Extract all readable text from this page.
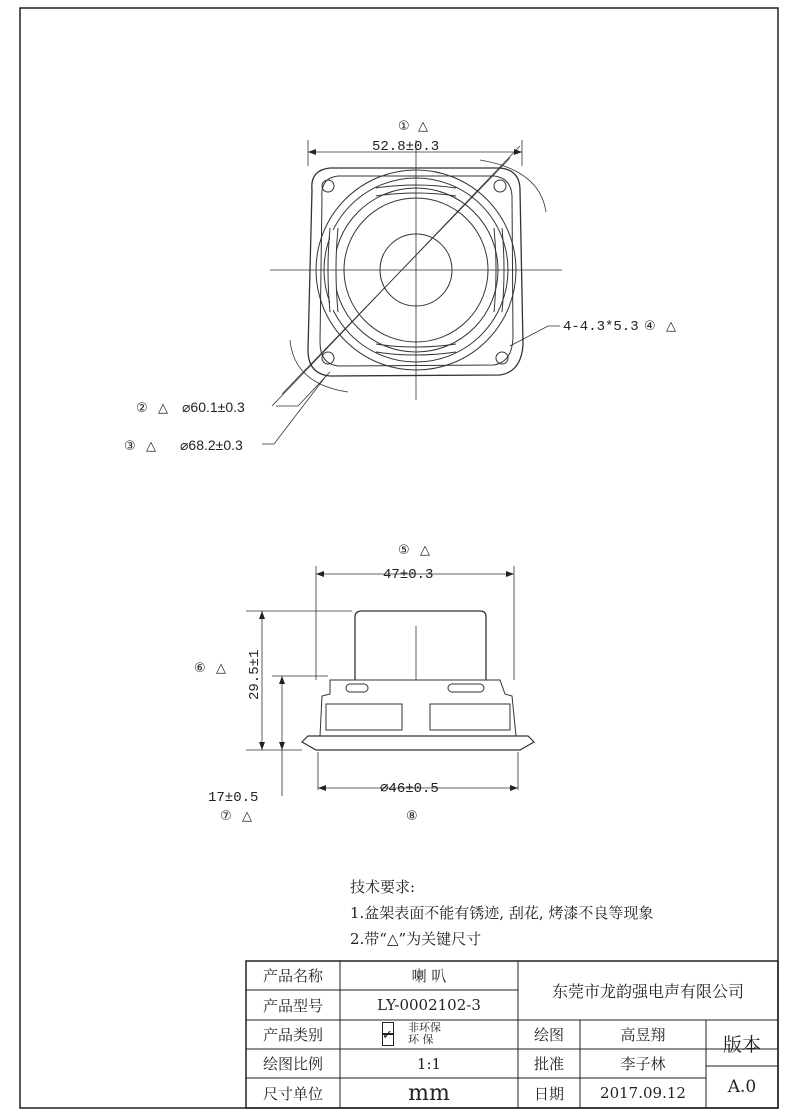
① △
52.8±0.3
4-4.3*5.3 ④ △
② △ ⌀60.1±0.3
③ △ ⌀68.2±0.3
⑤ △
47±0.3
⑥ △ 29.5±1
17±0.5
⑦ △
⌀46±0.5
⑧
技术要求:
1.盆架表面不能有锈迹, 刮花, 烤漆不良等现象
2.带“△”为关键尺寸
产品名称	喇 叭
产品型号	LY-0002102-3
产品类别	非环保
✓环 保
绘图比例	1:1
尺寸单位	mm
东莞市龙韵强电声有限公司
绘图	高昱翔
批准	李子林
日期	2017.09.12
版本
A.0
